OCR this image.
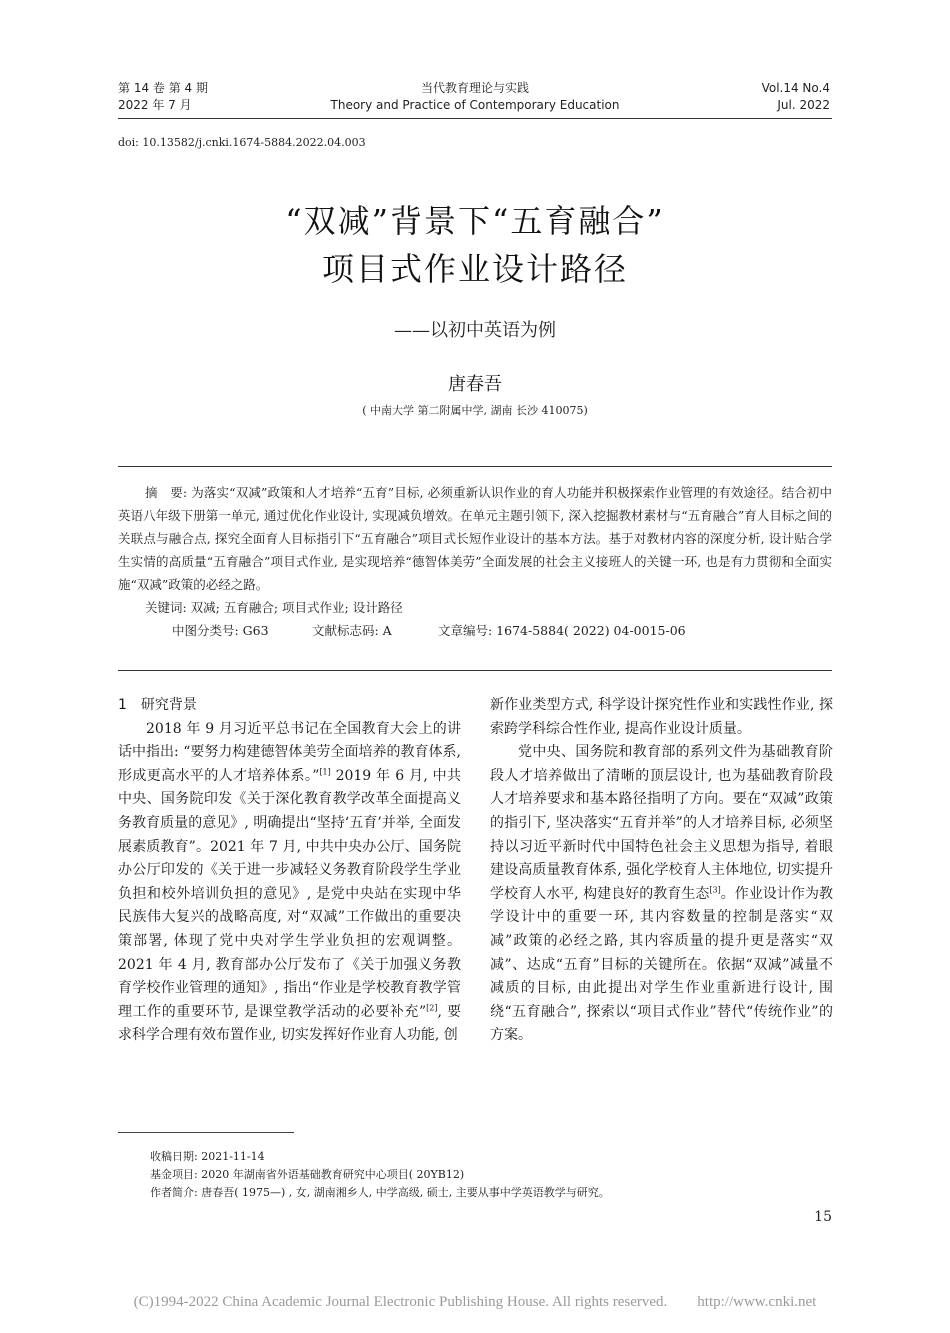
第 14 卷 第 4 期
2022 年 7 月
当代教育理论与实践
Theory and Practice of Contemporary Education
Vol.14 No.4
Jul. 2022
doi: 10.13582/j.cnki.1674-5884.2022.04.003
“双减”背景下“五育融合”
项目式作业设计路径
——以初中英语为例
唐春吾
( 中南大学 第二附属中学, 湖南 长沙 410075)

摘　要: 为落实“双减”政策和人才培养“五育”目标, 必须重新认识作业的育人功能并积极探索作业管理的有效途径。结合初中英语八年级下册第一单元, 通过优化作业设计, 实现减负增效。在单元主题引领下, 深入挖掘教材素材与“五育融合”育人目标之间的关联点与融合点, 探究全面育人目标指引下“五育融合”项目式长短作业设计的基本方法。基于对教材内容的深度分析, 设计贴合学生实情的高质量“五育融合”项目式作业, 是实现培养“德智体美劳”全面发展的社会主义接班人的关键一环, 也是有力贯彻和全面实施“双减”政策的必经之路。

关键词: 双减; 五育融合; 项目式作业; 设计路径

中图分类号: G63	文献标志码: A	文章编号: 1674-5884( 2022) 04-0015-06

1　研究背景

2018 年 9 月习近平总书记在全国教育大会上的讲话中指出: “要努力构建德智体美劳全面培养的教育体系, 形成更高水平的人才培养体系。”[1] 2019 年 6 月, 中共中央、国务院印发《关于深化教育教学改革全面提高义务教育质量的意见》, 明确提出“坚持‘五育’并举, 全面发展素质教育”。2021 年 7 月, 中共中央办公厅、国务院办公厅印发的《关于进一步减轻义务教育阶段学生学业负担和校外培训负担的意见》, 是党中央站在实现中华民族伟大复兴的战略高度, 对“双减”工作做出的重要决策部署, 体现了党中央对学生学业负担的宏观调整。2021 年 4 月, 教育部办公厅发布了《关于加强义务教育学校作业管理的通知》, 指出“作业是学校教育教学管理工作的重要环节, 是课堂教学活动的必要补充”[2], 要求科学合理有效布置作业, 切实发挥好作业育人功能, 创

新作业类型方式, 科学设计探究性作业和实践性作业, 探索跨学科综合性作业, 提高作业设计质量。

党中央、国务院和教育部的系列文件为基础教育阶段人才培养做出了清晰的顶层设计, 也为基础教育阶段人才培养要求和基本路径指明了方向。要在“双减”政策的指引下, 坚决落实“五育并举”的人才培养目标, 必须坚持以习近平新时代中国特色社会主义思想为指导, 着眼建设高质量教育体系, 强化学校育人主体地位, 切实提升学校育人水平, 构建良好的教育生态[3]。作业设计作为教学设计中的重要一环, 其内容数量的控制是落实“双减”政策的必经之路, 其内容质量的提升更是落实“双减”、达成“五育”目标的关键所在。依据“双减”减量不减质的目标, 由此提出对学生作业重新进行设计, 围绕“五育融合”, 探索以“项目式作业”替代“传统作业”的方案。

收稿日期: 2021-11-14

基金项目: 2020 年湖南省外语基础教育研究中心项目( 20YB12)

作者简介: 唐春吾( 1975—) , 女, 湖南湘乡人, 中学高级, 硕士, 主要从事中学英语教学与研究。

15
(C)1994-2022 China Academic Journal Electronic Publishing House. All rights reserved.　　http://www.cnki.net
